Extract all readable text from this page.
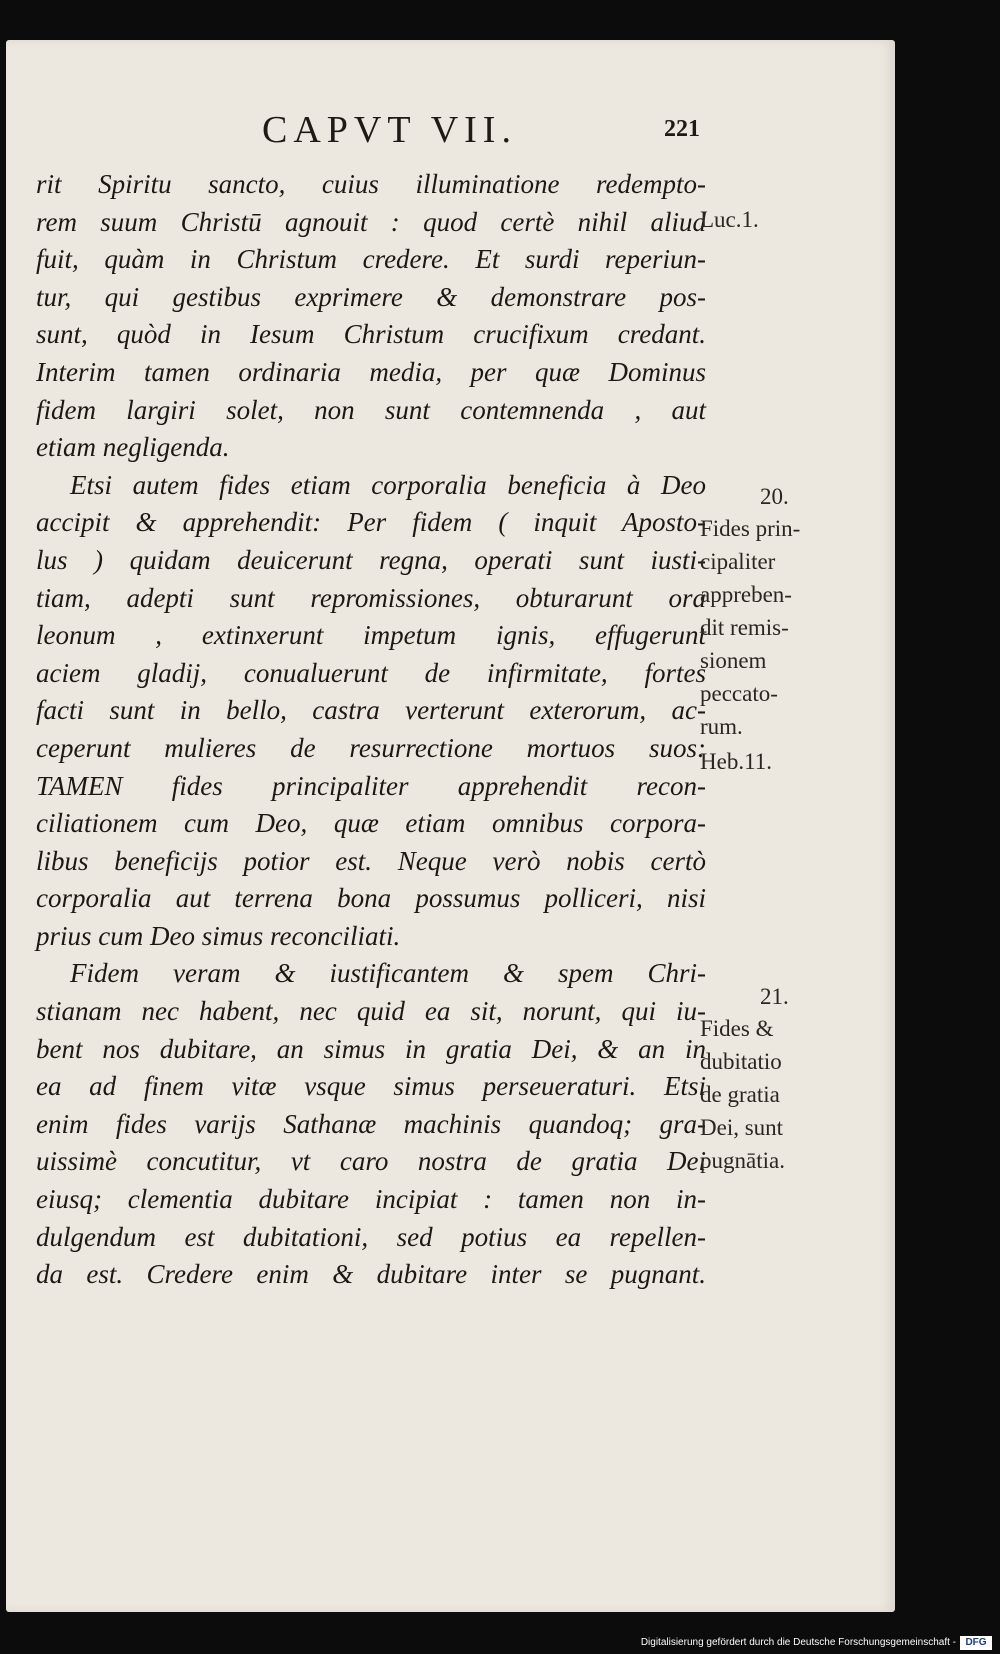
CAPVT VII.	221
rit Spiritu sancto, cuius illuminatione redempto-
rem suum Christū agnouit : quod certè nihil aliud
fuit, quàm in Christum credere. Et surdi reperiun-
tur, qui gestibus exprimere & demonstrare pos-
sunt, quòd in Iesum Christum crucifixum credant.
Interim tamen ordinaria media, per quæ Dominus
fidem largiri solet, non sunt contemnenda , aut
etiam negligenda.
Etsi autem fides etiam corporalia beneficia à Deo
accipit & apprehendit: Per fidem ( inquit Aposto-
lus ) quidam deuicerunt regna, operati sunt iusti-
tiam, adepti sunt repromissiones, obturarunt ora
leonum , extinxerunt impetum ignis, effugerunt
aciem gladij, conualuerunt de infirmitate, fortes
facti sunt in bello, castra verterunt exterorum, ac-
ceperunt mulieres de resurrectione mortuos suos:
TAMEN fides principaliter apprehendit recon-
ciliationem cum Deo, quæ etiam omnibus corpora-
libus beneficijs potior est. Neque verò nobis certò
corporalia aut terrena bona possumus polliceri, nisi
prius cum Deo simus reconciliati.
Fidem veram & iustificantem & spem Chri-
stianam nec habent, nec quid ea sit, norunt, qui iu-
bent nos dubitare, an simus in gratia Dei, & an in
ea ad finem vitæ vsque simus perseueraturi. Etsi
enim fides varijs Sathanæ machinis quandoq; gra-
uissimè concutitur, vt caro nostra de gratia Dei
eiusq; clementia dubitare incipiat : tamen non in-
dulgendum est dubitationi, sed potius ea repellen-
da est. Credere enim & dubitare inter se pugnant.
Luc.1.
20.
Fides prin-
cipaliter
appreben-
dit remis-
sionem
peccato-
rum.
Heb.11.
21.
Fides &
dubitatio
de gratia
Dei, sunt
pugnātia.
Digitalisierung gefördert durch die Deutsche Forschungsgemeinschaft - DFG
